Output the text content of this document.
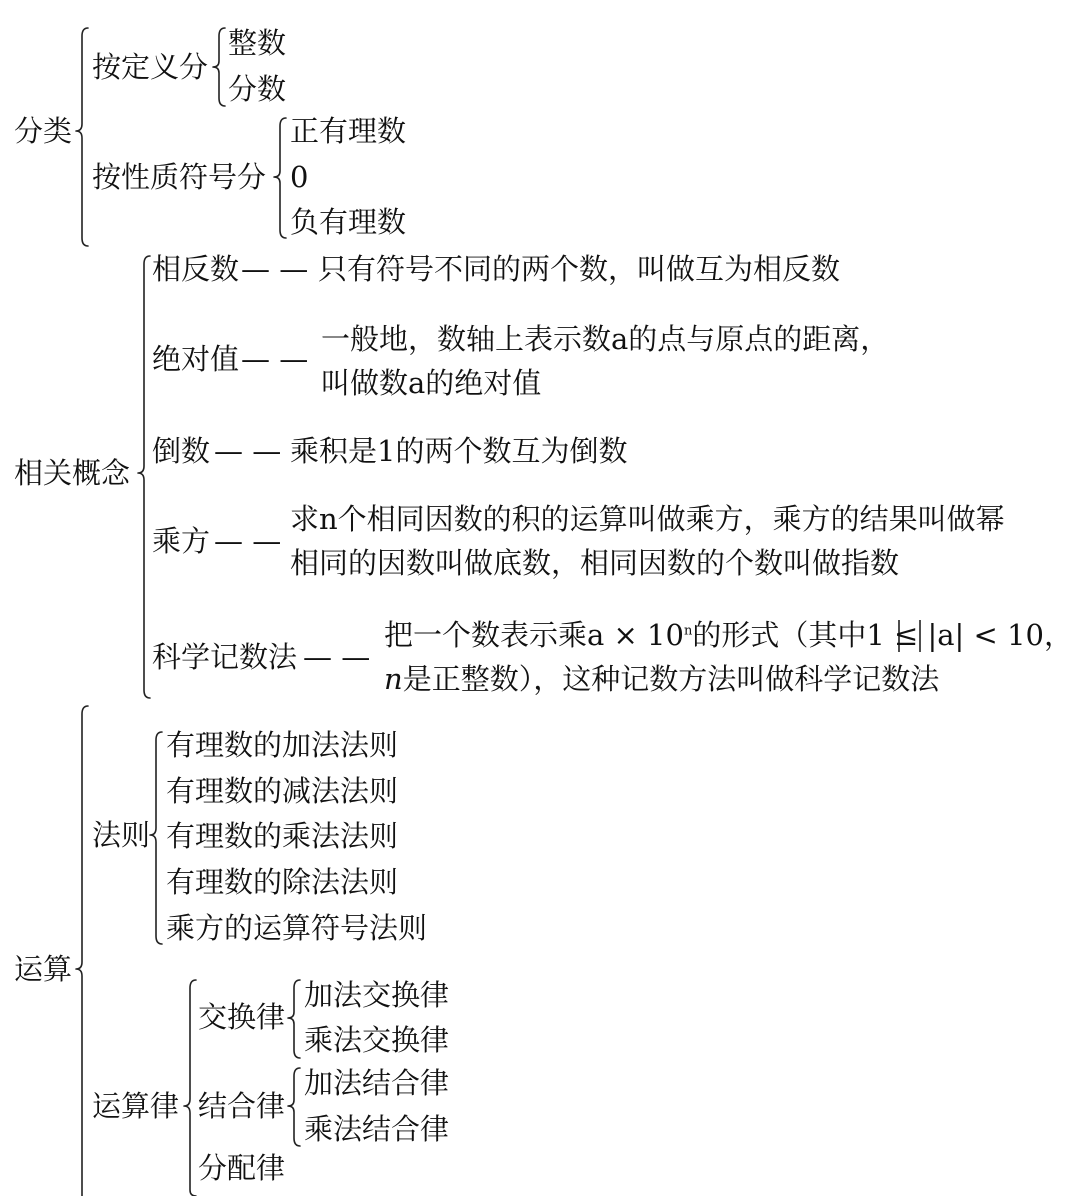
分类
按定义分
整数
分数
按性质符号分
正有理数
0
负有理数
相关概念
相反数 — — 只有符号不同的两个数，叫做互为相反数
绝对值 — —
一般地，数轴上表示数a的点与原点的距离，
叫做数a的绝对值
倒数 — — 乘积是1的两个数互为倒数
乘方 — —
求n个相同因数的积的运算叫做乘方，乘方的结果叫做幂
相同的因数叫做底数，相同因数的个数叫做指数
科学记数法 — —
把一个数表示乘$a \times 10^n$的形式（其中1 ≤ |a| < 10，
n是正整数），这种记数方法叫做科学记数法
运算
法则
有理数的加法法则
有理数的减法法则
有理数的乘法法则
有理数的除法法则
乘方的运算符号法则
运算律
交换律
加法交换律
乘法交换律
结合律
加法结合律
乘法结合律
分配律
